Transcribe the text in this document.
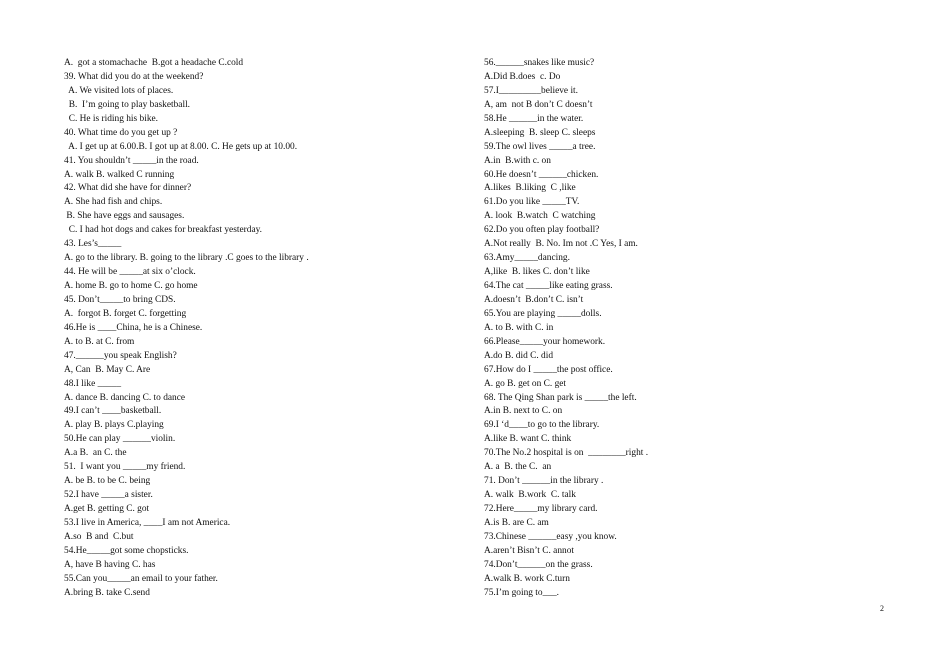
A.  got a stomachache  B.got a headache C.cold
39. What did you do at the weekend?
A. We visited lots of places.
B.  I’m going to play basketball.
C. He is riding his bike.
40. What time do you get up ?
A. I get up at 6.00.B. I got up at 8.00. C. He gets up at 10.00.
41. You shouldn’t _____in the road.
A. walk B. walked C running
42. What did she have for dinner?
A. She had fish and chips.
B. She have eggs and sausages.
C. I had hot dogs and cakes for breakfast yesterday.
43. Les’s_____
A. go to the library. B. going to the library .C goes to the library .
44. He will be _____at six o’clock.
A. home B. go to home C. go home
45. Don’t_____to bring CDS.
A.  forgot B. forget C. forgetting
46.He is ____China, he is a Chinese.
A. to B. at C. from
47.______you speak English?
A, Can  B. May C. Are
48.I like _____
A. dance B. dancing C. to dance
49.I can’t ____basketball.
A. play B. plays C.playing
50.He can play ______violin.
A.a B.  an C. the
51.  I want you _____my friend.
A. be B. to be C. being
52.I have _____a sister.
A.get B. getting C. got
53.I live in America, ____I am not America.
A.so  B and  C.but
54.He_____got some chopsticks.
A, have B having C. has
55.Can you_____an email to your father.
A.bring B. take C.send
56.______snakes like music?
A.Did B.does  c. Do
57.I_________believe it.
A, am  not B don’t C doesn’t
58.He ______in the water.
A.sleeping  B. sleep C. sleeps
59.The owl lives _____a tree.
A.in  B.with c. on
60.He doesn’t ______chicken.
A.likes  B.liking  C ,like
61.Do you like _____TV.
A. look  B.watch  C watching
62.Do you often play football?
A.Not really  B. No. Im not .C Yes, I am.
63.Amy_____dancing.
A,like  B. likes C. don’t like
64.The cat _____like eating grass.
A.doesn’t  B.don’t C. isn’t
65.You are playing _____dolls.
A. to B. with C. in
66.Please_____your homework.
A.do B. did C. did
67.How do I _____the post office.
A. go B. get on C. get
68. The Qing Shan park is _____the left.
A.in B. next to C. on
69.I ‘d____to go to the library.
A.like B. want C. think
70.The No.2 hospital is on  ________right .
A. a  B. the C.  an
71. Don’t ______in the library .
A. walk  B.work  C. talk
72.Here_____my library card.
A.is B. are C. am
73.Chinese ______easy ,you know.
A.aren’t Bisn’t C. annot
74.Don’t______on the grass.
A.walk B. work C.turn
75.I’m going to___.
2
